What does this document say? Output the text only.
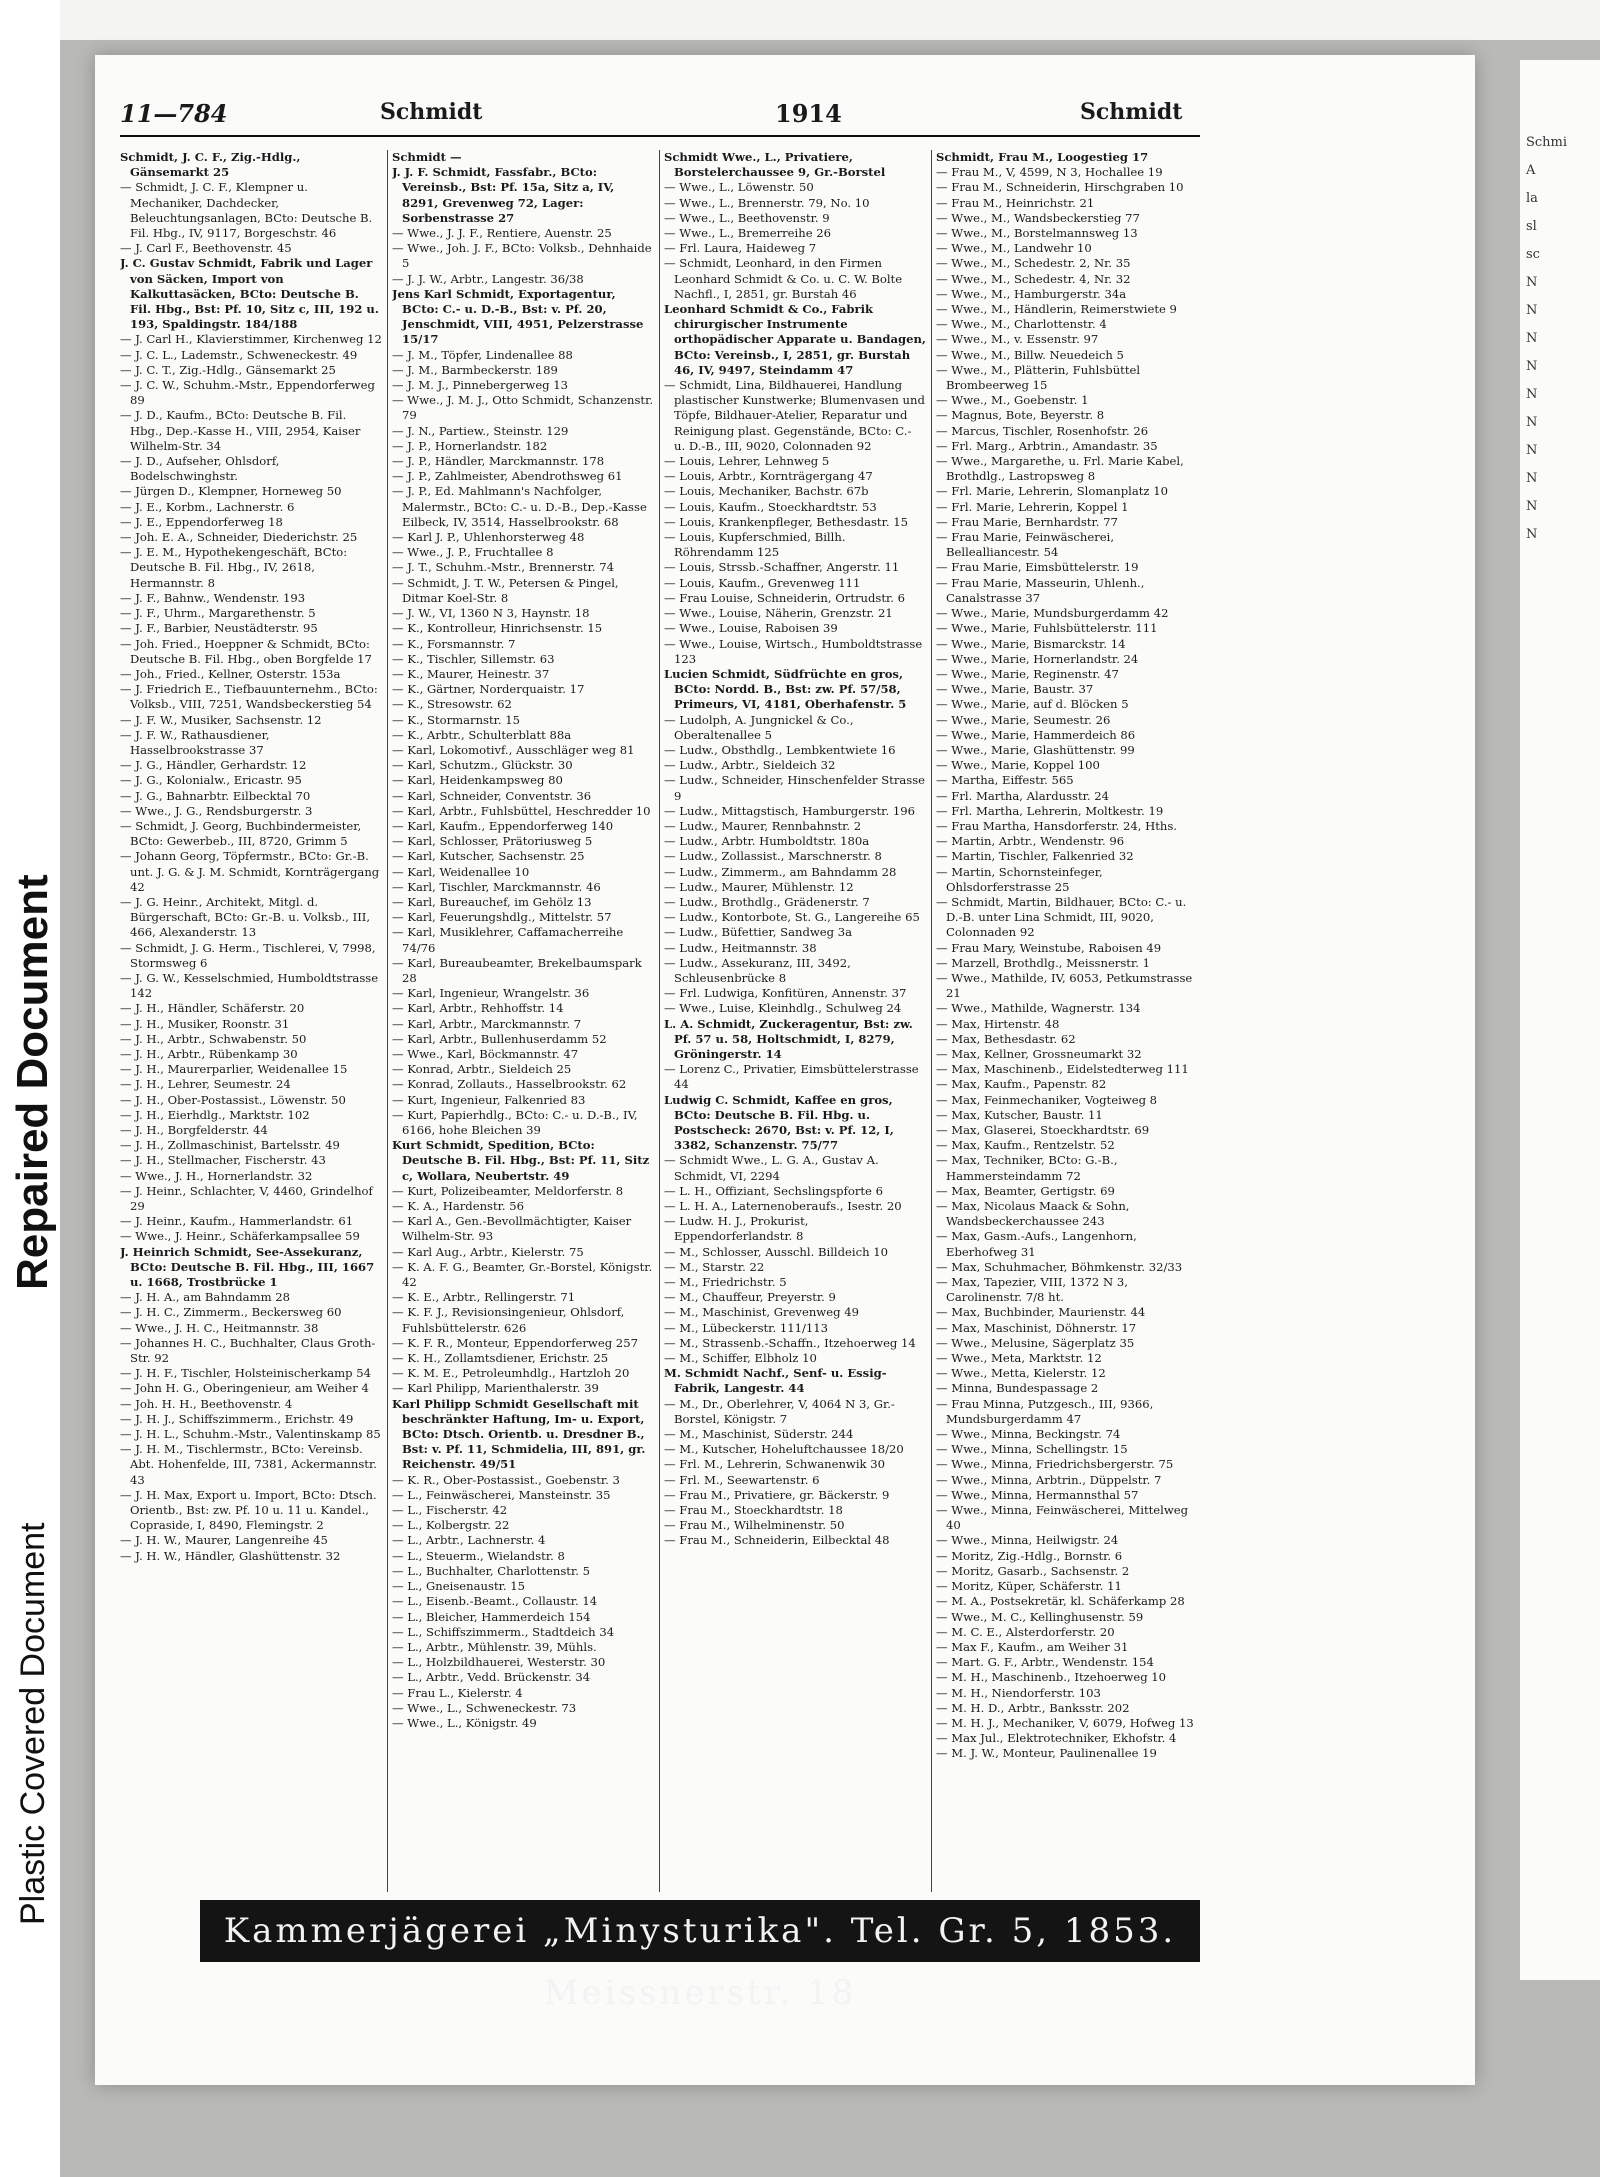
Repaired Document
Plastic Covered Document
Schmi
A
la
sl
sc
N
N
N
N
N
N
N
N
N
N
11—784	Schmidt	1914	Schmidt
Schmidt, J. C. F., Zig.-Hdlg., Gänsemarkt 25
— Schmidt, J. C. F., Klempner u. Mechaniker, Dachdecker, Beleuchtungsanlagen, BCto: Deutsche B. Fil. Hbg., IV, 9117, Borgeschstr. 46
— J. Carl F., Beethovenstr. 45
J. C. Gustav Schmidt, Fabrik und Lager von Säcken, Import von Kalkuttasäcken, BCto: Deutsche B. Fil. Hbg., Bst: Pf. 10, Sitz c, III, 192 u. 193, Spaldingstr. 184/188
— J. Carl H., Klavierstimmer, Kirchenweg 12
— J. C. L., Lademstr., Schweneckestr. 49
— J. C. T., Zig.-Hdlg., Gänsemarkt 25
— J. C. W., Schuhm.-Mstr., Eppendorferweg 89
— J. D., Kaufm., BCto: Deutsche B. Fil. Hbg., Dep.-Kasse H., VIII, 2954, Kaiser Wilhelm-Str. 34
— J. D., Aufseher, Ohlsdorf, Bodelschwinghstr.
— Jürgen D., Klempner, Horneweg 50
— J. E., Korbm., Lachnerstr. 6
— J. E., Eppendorferweg 18
— Joh. E. A., Schneider, Diederichstr. 25
— J. E. M., Hypothekengeschäft, BCto: Deutsche B. Fil. Hbg., IV, 2618, Hermannstr. 8
— J. F., Bahnw., Wendenstr. 193
— J. F., Uhrm., Margarethenstr. 5
— J. F., Barbier, Neustädterstr. 95
— Joh. Fried., Hoeppner & Schmidt, BCto: Deutsche B. Fil. Hbg., oben Borgfelde 17
— Joh., Fried., Kellner, Osterstr. 153a
— J. Friedrich E., Tiefbauunternehm., BCto: Volksb., VIII, 7251, Wandsbeckerstieg 54
— J. F. W., Musiker, Sachsenstr. 12
— J. F. W., Rathausdiener, Hasselbrookstrasse 37
— J. G., Händler, Gerhardstr. 12
— J. G., Kolonialw., Ericastr. 95
— J. G., Bahnarbtr. Eilbecktal 70
— Wwe., J. G., Rendsburgerstr. 3
— Schmidt, J. Georg, Buchbindermeister, BCto: Gewerbeb., III, 8720, Grimm 5
— Johann Georg, Töpfermstr., BCto: Gr.-B. unt. J. G. & J. M. Schmidt, Kornträgergang 42
— J. G. Heinr., Architekt, Mitgl. d. Bürgerschaft, BCto: Gr.-B. u. Volksb., III, 466, Alexanderstr. 13
— Schmidt, J. G. Herm., Tischlerei, V, 7998, Stormsweg 6
— J. G. W., Kesselschmied, Humboldtstrasse 142
— J. H., Händler, Schäferstr. 20
— J. H., Musiker, Roonstr. 31
— J. H., Arbtr., Schwabenstr. 50
— J. H., Arbtr., Rübenkamp 30
— J. H., Maurerparlier, Weidenallee 15
— J. H., Lehrer, Seumestr. 24
— J. H., Ober-Postassist., Löwenstr. 50
— J. H., Eierhdlg., Marktstr. 102
— J. H., Borgfelderstr. 44
— J. H., Zollmaschinist, Bartelsstr. 49
— J. H., Stellmacher, Fischerstr. 43
— Wwe., J. H., Hornerlandstr. 32
— J. Heinr., Schlachter, V, 4460, Grindelhof 29
— J. Heinr., Kaufm., Hammerlandstr. 61
— Wwe., J. Heinr., Schäferkampsallee 59
J. Heinrich Schmidt, See-Assekuranz, BCto: Deutsche B. Fil. Hbg., III, 1667 u. 1668, Trostbrücke 1
— J. H. A., am Bahndamm 28
— J. H. C., Zimmerm., Beckersweg 60
— Wwe., J. H. C., Heitmannstr. 38
— Johannes H. C., Buchhalter, Claus Groth-Str. 92
— J. H. F., Tischler, Holsteinischerkamp 54
— John H. G., Oberingenieur, am Weiher 4
— Joh. H. H., Beethovenstr. 4
— J. H. J., Schiffszimmerm., Erichstr. 49
— J. H. L., Schuhm.-Mstr., Valentinskamp 85
— J. H. M., Tischlermstr., BCto: Vereinsb. Abt. Hohenfelde, III, 7381, Ackermannstr. 43
— J. H. Max, Export u. Import, BCto: Dtsch. Orientb., Bst: zw. Pf. 10 u. 11 u. Kandel., Copraside, I, 8490, Flemingstr. 2
— J. H. W., Maurer, Langenreihe 45
— J. H. W., Händler, Glashüttenstr. 32
Schmidt —
J. J. F. Schmidt, Fassfabr., BCto: Vereinsb., Bst: Pf. 15a, Sitz a, IV, 8291, Grevenweg 72, Lager: Sorbenstrasse 27
— Wwe., J. J. F., Rentiere, Auenstr. 25
— Wwe., Joh. J. F., BCto: Volksb., Dehnhaide 5
— J. J. W., Arbtr., Langestr. 36/38
Jens Karl Schmidt, Exportagentur, BCto: C.- u. D.-B., Bst: v. Pf. 20, Jenschmidt, VIII, 4951, Pelzerstrasse 15/17
— J. M., Töpfer, Lindenallee 88
— J. M., Barmbeckerstr. 189
— J. M. J., Pinnebergerweg 13
— Wwe., J. M. J., Otto Schmidt, Schanzenstr. 79
— J. N., Partiew., Steinstr. 129
— J. P., Hornerlandstr. 182
— J. P., Händler, Marckmannstr. 178
— J. P., Zahlmeister, Abendrothsweg 61
— J. P., Ed. Mahlmann's Nachfolger, Malermstr., BCto: C.- u. D.-B., Dep.-Kasse Eilbeck, IV, 3514, Hasselbrookstr. 68
— Karl J. P., Uhlenhorsterweg 48
— Wwe., J. P., Fruchtallee 8
— J. T., Schuhm.-Mstr., Brennerstr. 74
— Schmidt, J. T. W., Petersen & Pingel, Ditmar Koel-Str. 8
— J. W., VI, 1360 N 3, Haynstr. 18
— K., Kontrolleur, Hinrichsenstr. 15
— K., Forsmannstr. 7
— K., Tischler, Sillemstr. 63
— K., Maurer, Heinestr. 37
— K., Gärtner, Norderquaistr. 17
— K., Stresowstr. 62
— K., Stormarnstr. 15
— K., Arbtr., Schulterblatt 88a
— Karl, Lokomotivf., Ausschläger weg 81
— Karl, Schutzm., Glückstr. 30
— Karl, Heidenkampsweg 80
— Karl, Schneider, Conventstr. 36
— Karl, Arbtr., Fuhlsbüttel, Heschredder 10
— Karl, Kaufm., Eppendorferweg 140
— Karl, Schlosser, Prätoriusweg 5
— Karl, Kutscher, Sachsenstr. 25
— Karl, Weidenallee 10
— Karl, Tischler, Marckmannstr. 46
— Karl, Bureauchef, im Gehölz 13
— Karl, Feuerungshdlg., Mittelstr. 57
— Karl, Musiklehrer, Caffamacherreihe 74/76
— Karl, Bureaubeamter, Brekelbaumspark 28
— Karl, Ingenieur, Wrangelstr. 36
— Karl, Arbtr., Rehhoffstr. 14
— Karl, Arbtr., Marckmannstr. 7
— Karl, Arbtr., Bullenhuserdamm 52
— Wwe., Karl, Böckmannstr. 47
— Konrad, Arbtr., Sieldeich 25
— Konrad, Zollauts., Hasselbrookstr. 62
— Kurt, Ingenieur, Falkenried 83
— Kurt, Papierhdlg., BCto: C.- u. D.-B., IV, 6166, hohe Bleichen 39
Kurt Schmidt, Spedition, BCto: Deutsche B. Fil. Hbg., Bst: Pf. 11, Sitz c, Wollara, Neubertstr. 49
— Kurt, Polizeibeamter, Meldorferstr. 8
— K. A., Hardenstr. 56
— Karl A., Gen.-Bevollmächtigter, Kaiser Wilhelm-Str. 93
— Karl Aug., Arbtr., Kielerstr. 75
— K. A. F. G., Beamter, Gr.-Borstel, Königstr. 42
— K. E., Arbtr., Rellingerstr. 71
— K. F. J., Revisionsingenieur, Ohlsdorf, Fuhlsbüttelerstr. 626
— K. F. R., Monteur, Eppendorferweg 257
— K. H., Zollamtsdiener, Erichstr. 25
— K. M. E., Petroleumhdlg., Hartzloh 20
— Karl Philipp, Marienthalerstr. 39
Karl Philipp Schmidt Gesellschaft mit beschränkter Haftung, Im- u. Export, BCto: Dtsch. Orientb. u. Dresdner B., Bst: v. Pf. 11, Schmidelia, III, 891, gr. Reichenstr. 49/51
— K. R., Ober-Postassist., Goebenstr. 3
— L., Feinwäscherei, Mansteinstr. 35
— L., Fischerstr. 42
— L., Kolbergstr. 22
— L., Arbtr., Lachnerstr. 4
— L., Steuerm., Wielandstr. 8
— L., Buchhalter, Charlottenstr. 5
— L., Gneisenaustr. 15
— L., Eisenb.-Beamt., Collaustr. 14
— L., Bleicher, Hammerdeich 154
— L., Schiffszimmerm., Stadtdeich 34
— L., Arbtr., Mühlenstr. 39, Mühls.
— L., Holzbildhauerei, Westerstr. 30
— L., Arbtr., Vedd. Brückenstr. 34
— Frau L., Kielerstr. 4
— Wwe., L., Schweneckestr. 73
— Wwe., L., Königstr. 49
Schmidt Wwe., L., Privatiere, Borstelerchaussee 9, Gr.-Borstel
— Wwe., L., Löwenstr. 50
— Wwe., L., Brennerstr. 79, No. 10
— Wwe., L., Beethovenstr. 9
— Wwe., L., Bremerreihe 26
— Frl. Laura, Haideweg 7
— Schmidt, Leonhard, in den Firmen Leonhard Schmidt & Co. u. C. W. Bolte Nachfl., I, 2851, gr. Burstah 46
Leonhard Schmidt & Co., Fabrik chirurgischer Instrumente orthopädischer Apparate u. Bandagen, BCto: Vereinsb., I, 2851, gr. Burstah 46, IV, 9497, Steindamm 47
— Schmidt, Lina, Bildhauerei, Handlung plastischer Kunstwerke; Blumenvasen und Töpfe, Bildhauer-Atelier, Reparatur und Reinigung plast. Gegenstände, BCto: C.- u. D.-B., III, 9020, Colonnaden 92
— Louis, Lehrer, Lehnweg 5
— Louis, Arbtr., Kornträgergang 47
— Louis, Mechaniker, Bachstr. 67b
— Louis, Kaufm., Stoeckhardtstr. 53
— Louis, Krankenpfleger, Bethesdastr. 15
— Louis, Kupferschmied, Billh. Röhrendamm 125
— Louis, Strssb.-Schaffner, Angerstr. 11
— Louis, Kaufm., Grevenweg 111
— Frau Louise, Schneiderin, Ortrudstr. 6
— Wwe., Louise, Näherin, Grenzstr. 21
— Wwe., Louise, Raboisen 39
— Wwe., Louise, Wirtsch., Humboldtstrasse 123
Lucien Schmidt, Südfrüchte en gros, BCto: Nordd. B., Bst: zw. Pf. 57/58, Primeurs, VI, 4181, Oberhafenstr. 5
— Ludolph, A. Jungnickel & Co., Oberaltenallee 5
— Ludw., Obsthdlg., Lembkentwiete 16
— Ludw., Arbtr., Sieldeich 32
— Ludw., Schneider, Hinschenfelder Strasse 9
— Ludw., Mittagstisch, Hamburgerstr. 196
— Ludw., Maurer, Rennbahnstr. 2
— Ludw., Arbtr. Humboldtstr. 180a
— Ludw., Zollassist., Marschnerstr. 8
— Ludw., Zimmerm., am Bahndamm 28
— Ludw., Maurer, Mühlenstr. 12
— Ludw., Brothdlg., Grädenerstr. 7
— Ludw., Kontorbote, St. G., Langereihe 65
— Ludw., Büfettier, Sandweg 3a
— Ludw., Heitmannstr. 38
— Ludw., Assekuranz, III, 3492, Schleusenbrücke 8
— Frl. Ludwiga, Konfitüren, Annenstr. 37
— Wwe., Luise, Kleinhdlg., Schulweg 24
L. A. Schmidt, Zuckeragentur, Bst: zw. Pf. 57 u. 58, Holtschmidt, I, 8279, Gröningerstr. 14
— Lorenz C., Privatier, Eimsbüttelerstrasse 44
Ludwig C. Schmidt, Kaffee en gros, BCto: Deutsche B. Fil. Hbg. u. Postscheck: 2670, Bst: v. Pf. 12, I, 3382, Schanzenstr. 75/77
— Schmidt Wwe., L. G. A., Gustav A. Schmidt, VI, 2294
— L. H., Offiziant, Sechslingspforte 6
— L. H. A., Laternenoberaufs., Isestr. 20
— Ludw. H. J., Prokurist, Eppendorferlandstr. 8
— M., Schlosser, Ausschl. Billdeich 10
— M., Starstr. 22
— M., Friedrichstr. 5
— M., Chauffeur, Preyerstr. 9
— M., Maschinist, Grevenweg 49
— M., Lübeckerstr. 111/113
— M., Strassenb.-Schaffn., Itzehoerweg 14
— M., Schiffer, Elbholz 10
M. Schmidt Nachf., Senf- u. Essig-Fabrik, Langestr. 44
— M., Dr., Oberlehrer, V, 4064 N 3, Gr.-Borstel, Königstr. 7
— M., Maschinist, Süderstr. 244
— M., Kutscher, Hoheluftchaussee 18/20
— Frl. M., Lehrerin, Schwanenwik 30
— Frl. M., Seewartenstr. 6
— Frau M., Privatiere, gr. Bäckerstr. 9
— Frau M., Stoeckhardtstr. 18
— Frau M., Wilhelminenstr. 50
— Frau M., Schneiderin, Eilbecktal 48
Schmidt, Frau M., Loogestieg 17
— Frau M., V, 4599, N 3, Hochallee 19
— Frau M., Schneiderin, Hirschgraben 10
— Frau M., Heinrichstr. 21
— Wwe., M., Wandsbeckerstieg 77
— Wwe., M., Borstelmannsweg 13
— Wwe., M., Landwehr 10
— Wwe., M., Schedestr. 2, Nr. 35
— Wwe., M., Schedestr. 4, Nr. 32
— Wwe., M., Hamburgerstr. 34a
— Wwe., M., Händlerin, Reimerstwiete 9
— Wwe., M., Charlottenstr. 4
— Wwe., M., v. Essenstr. 97
— Wwe., M., Billw. Neuedeich 5
— Wwe., M., Plätterin, Fuhlsbüttel Brombeerweg 15
— Wwe., M., Goebenstr. 1
— Magnus, Bote, Beyerstr. 8
— Marcus, Tischler, Rosenhofstr. 26
— Frl. Marg., Arbtrin., Amandastr. 35
— Wwe., Margarethe, u. Frl. Marie Kabel, Brothdlg., Lastropsweg 8
— Frl. Marie, Lehrerin, Slomanplatz 10
— Frl. Marie, Lehrerin, Koppel 1
— Frau Marie, Bernhardstr. 77
— Frau Marie, Feinwäscherei, Bellealliancestr. 54
— Frau Marie, Eimsbüttelerstr. 19
— Frau Marie, Masseurin, Uhlenh., Canalstrasse 37
— Wwe., Marie, Mundsburgerdamm 42
— Wwe., Marie, Fuhlsbüttelerstr. 111
— Wwe., Marie, Bismarckstr. 14
— Wwe., Marie, Hornerlandstr. 24
— Wwe., Marie, Reginenstr. 47
— Wwe., Marie, Baustr. 37
— Wwe., Marie, auf d. Blöcken 5
— Wwe., Marie, Seumestr. 26
— Wwe., Marie, Hammerdeich 86
— Wwe., Marie, Glashüttenstr. 99
— Wwe., Marie, Koppel 100
— Martha, Eiffestr. 565
— Frl. Martha, Alardusstr. 24
— Frl. Martha, Lehrerin, Moltkestr. 19
— Frau Martha, Hansdorferstr. 24, Hths.
— Martin, Arbtr., Wendenstr. 96
— Martin, Tischler, Falkenried 32
— Martin, Schornsteinfeger, Ohlsdorferstrasse 25
— Schmidt, Martin, Bildhauer, BCto: C.- u. D.-B. unter Lina Schmidt, III, 9020, Colonnaden 92
— Frau Mary, Weinstube, Raboisen 49
— Marzell, Brothdlg., Meissnerstr. 1
— Wwe., Mathilde, IV, 6053, Petkumstrasse 21
— Wwe., Mathilde, Wagnerstr. 134
— Max, Hirtenstr. 48
— Max, Bethesdastr. 62
— Max, Kellner, Grossneumarkt 32
— Max, Maschinenb., Eidelstedterweg 111
— Max, Kaufm., Papenstr. 82
— Max, Feinmechaniker, Vogteiweg 8
— Max, Kutscher, Baustr. 11
— Max, Glaserei, Stoeckhardtstr. 69
— Max, Kaufm., Rentzelstr. 52
— Max, Techniker, BCto: G.-B., Hammersteindamm 72
— Max, Beamter, Gertigstr. 69
— Max, Nicolaus Maack & Sohn, Wandsbeckerchaussee 243
— Max, Gasm.-Aufs., Langenhorn, Eberhofweg 31
— Max, Schuhmacher, Böhmkenstr. 32/33
— Max, Tapezier, VIII, 1372 N 3, Carolinenstr. 7/8 ht.
— Max, Buchbinder, Maurienstr. 44
— Max, Maschinist, Döhnerstr. 17
— Wwe., Melusine, Sägerplatz 35
— Wwe., Meta, Marktstr. 12
— Wwe., Metta, Kielerstr. 12
— Minna, Bundespassage 2
— Frau Minna, Putzgesch., III, 9366, Mundsburgerdamm 47
— Wwe., Minna, Beckingstr. 74
— Wwe., Minna, Schellingstr. 15
— Wwe., Minna, Friedrichsbergerstr. 75
— Wwe., Minna, Arbtrin., Düppelstr. 7
— Wwe., Minna, Hermannsthal 57
— Wwe., Minna, Feinwäscherei, Mittelweg 40
— Wwe., Minna, Heilwigstr. 24
— Moritz, Zig.-Hdlg., Bornstr. 6
— Moritz, Gasarb., Sachsenstr. 2
— Moritz, Küper, Schäferstr. 11
— M. A., Postsekretär, kl. Schäferkamp 28
— Wwe., M. C., Kellinghusenstr. 59
— M. C. E., Alsterdorferstr. 20
— Max F., Kaufm., am Weiher 31
— Mart. G. F., Arbtr., Wendenstr. 154
— M. H., Maschinenb., Itzehoerweg 10
— M. H., Niendorferstr. 103
— M. H. D., Arbtr., Banksstr. 202
— M. H. J., Mechaniker, V, 6079, Hofweg 13
— Max Jul., Elektrotechniker, Ekhofstr. 4
— M. J. W., Monteur, Paulinenallee 19
Kammerjägerei „Minysturika". Tel. Gr. 5, 1853. Meissnerstr. 18
